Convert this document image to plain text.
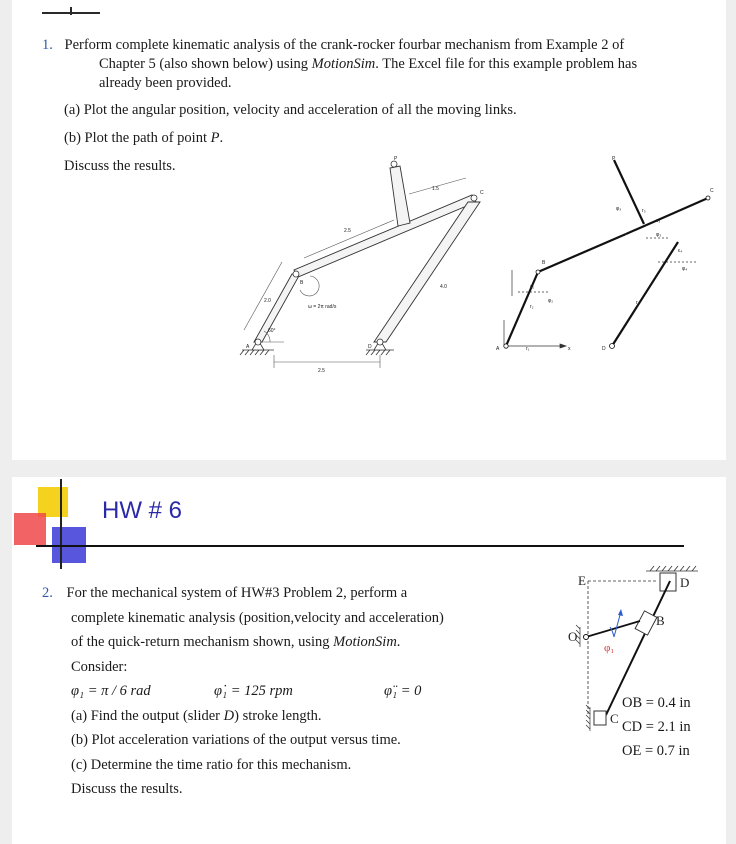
1. Perform complete kinematic analysis of the crank-rocker fourbar mechanism from Example 2 of
Chapter 5 (also shown below) using MotionSim. The Excel file for this example problem has
already been provided.
(a) Plot the angular position, velocity and acceleration of all the moving links.
(b) Plot the path of point P.
Discuss the results.	P
C
B
A	D
2.5
1.5
2.0
4.0
2.5
ω = 2π rad/s
60°
P
C
B
A	D
x
r₁
r₂
r₃
r₄
φ₂
φ₃
φ₄
ε₃
ε₄
ε₂
φ₃
HW # 6
2. For the mechanical system of HW#3 Problem 2, perform a
complete kinematic analysis (position,velocity and acceleration)
of the quick-return mechanism shown, using MotionSim.
Consider:
φ₁ = π / 6 rad	φ̇₁ = 125 rpm	φ̈₁ = 0
(a) Find the output (slider D) stroke length.
(b) Plot acceleration variations of the output versus time.
(c) Determine the time ratio for this mechanism.
Discuss the results.
E	D
B
O
C
φ₁
OB = 0.4 in
CD = 2.1 in
OE = 0.7 in
